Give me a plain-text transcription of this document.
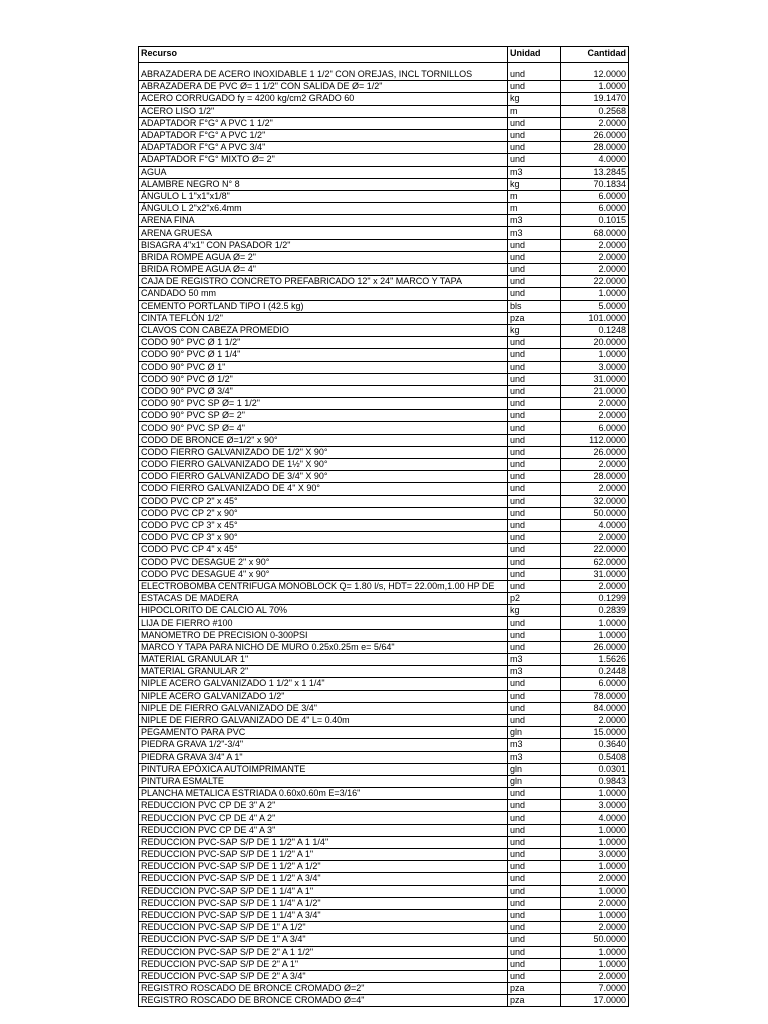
Recurso	Unidad	Cantidad

ABRAZADERA DE ACERO INOXIDABLE 1 1/2" CON OREJAS, INCL TORNILLOS	und	12.0000
ABRAZADERA DE PVC Ø= 1 1/2" CON SALIDA DE Ø= 1/2"	und	1.0000
ACERO CORRUGADO fy = 4200 kg/cm2 GRADO 60	kg	19.1470
ACERO LISO 1/2"	m	0.2568
ADAPTADOR F°G° A PVC 1 1/2"	und	2.0000
ADAPTADOR F°G° A PVC 1/2"	und	26.0000
ADAPTADOR F°G° A PVC 3/4"	und	28.0000
ADAPTADOR F°G° MIXTO Ø= 2"	und	4.0000
AGUA	m3	13.2845
ALAMBRE NEGRO N° 8	kg	70.1834
ÁNGULO L 1"x1"x1/8"	m	6.0000
ÁNGULO L 2"x2"x6.4mm	m	6.0000
ARENA FINA	m3	0.1015
ARENA GRUESA	m3	68.0000
BISAGRA 4"x1" CON PASADOR 1/2"	und	2.0000
BRIDA ROMPE AGUA Ø= 2"	und	2.0000
BRIDA ROMPE AGUA Ø= 4"	und	2.0000
CAJA DE REGISTRO CONCRETO PREFABRICADO 12" x 24" MARCO Y TAPA	und	22.0000
CANDADO 50 mm	und	1.0000
CEMENTO PORTLAND TIPO I (42.5 kg)	bls	5.0000
CINTA TEFLÓN 1/2"	pza	101.0000
CLAVOS CON CABEZA PROMEDIO	kg	0.1248
CODO 90° PVC Ø 1 1/2"	und	20.0000
CODO 90° PVC Ø 1 1/4"	und	1.0000
CODO 90° PVC Ø 1"	und	3.0000
CODO 90° PVC Ø 1/2"	und	31.0000
CODO 90° PVC Ø 3/4"	und	21.0000
CODO 90° PVC SP Ø= 1 1/2"	und	2.0000
CODO 90° PVC SP Ø= 2"	und	2.0000
CODO 90° PVC SP Ø= 4"	und	6.0000
CODO DE BRONCE Ø=1/2" x 90°	und	112.0000
CODO FIERRO GALVANIZADO DE 1/2" X 90°	und	26.0000
CODO FIERRO GALVANIZADO DE 1½" X 90°	und	2.0000
CODO FIERRO GALVANIZADO DE 3/4" X 90°	und	28.0000
CODO FIERRO GALVANIZADO DE 4" X 90°	und	2.0000
CODO PVC CP 2" x 45°	und	32.0000
CODO PVC CP 2" x 90°	und	50.0000
CODO PVC CP 3" x 45°	und	4.0000
CODO PVC CP 3" x 90°	und	2.0000
CODO PVC CP 4" x 45°	und	22.0000
CODO PVC DESAGUE 2" x 90°	und	62.0000
CODO PVC DESAGUE 4" x 90°	und	31.0000
ELECTROBOMBA CENTRIFUGA MONOBLOCK Q= 1.80 l/s, HDT= 22.00m,1.00 HP DE	und	2.0000
ESTACAS DE MADERA	p2	0.1299
HIPOCLORITO DE CALCIO AL 70%	kg	0.2839
LIJA DE FIERRO #100	und	1.0000
MANOMETRO DE PRECISION 0-300PSI	und	1.0000
MARCO Y TAPA PARA NICHO DE MURO 0.25x0.25m e= 5/64"	und	26.0000
MATERIAL GRANULAR 1"	m3	1.5626
MATERIAL GRANULAR 2"	m3	0.2448
NIPLE ACERO GALVANIZADO 1 1/2" x 1 1/4"	und	6.0000
NIPLE ACERO GALVANIZADO 1/2"	und	78.0000
NIPLE DE FIERRO GALVANIZADO DE 3/4"	und	84.0000
NIPLE DE FIERRO GALVANIZADO DE 4" L= 0.40m	und	2.0000
PEGAMENTO PARA PVC	gln	15.0000
PIEDRA GRAVA 1/2"-3/4"	m3	0.3640
PIEDRA GRAVA 3/4" A 1"	m3	0.5408
PINTURA EPÓXICA AUTOIMPRIMANTE	gln	0.0301
PINTURA ESMALTE	gln	0.9843
PLANCHA METALICA ESTRIADA 0.60x0.60m E=3/16"	und	1.0000
REDUCCION PVC CP DE 3" A 2"	und	3.0000
REDUCCION PVC CP DE 4" A 2"	und	4.0000
REDUCCION PVC CP DE 4" A 3"	und	1.0000
REDUCCION PVC-SAP S/P DE 1 1/2" A 1 1/4"	und	1.0000
REDUCCION PVC-SAP S/P DE 1 1/2" A 1"	und	3.0000
REDUCCION PVC-SAP S/P DE 1 1/2" A 1/2"	und	1.0000
REDUCCION PVC-SAP S/P DE 1 1/2" A 3/4"	und	2.0000
REDUCCION PVC-SAP S/P DE 1 1/4" A 1"	und	1.0000
REDUCCION PVC-SAP S/P DE 1 1/4" A 1/2"	und	2.0000
REDUCCION PVC-SAP S/P DE 1 1/4" A 3/4"	und	1.0000
REDUCCION PVC-SAP S/P DE 1" A 1/2"	und	2.0000
REDUCCION PVC-SAP S/P DE 1" A 3/4"	und	50.0000
REDUCCION PVC-SAP S/P DE 2" A 1 1/2"	und	1.0000
REDUCCION PVC-SAP S/P DE 2" A 1"	und	1.0000
REDUCCION PVC-SAP S/P DE 2" A 3/4"	und	2.0000
REGISTRO ROSCADO DE BRONCE CROMADO Ø=2"	pza	7.0000
REGISTRO ROSCADO DE BRONCE CROMADO Ø=4"	pza	17.0000
